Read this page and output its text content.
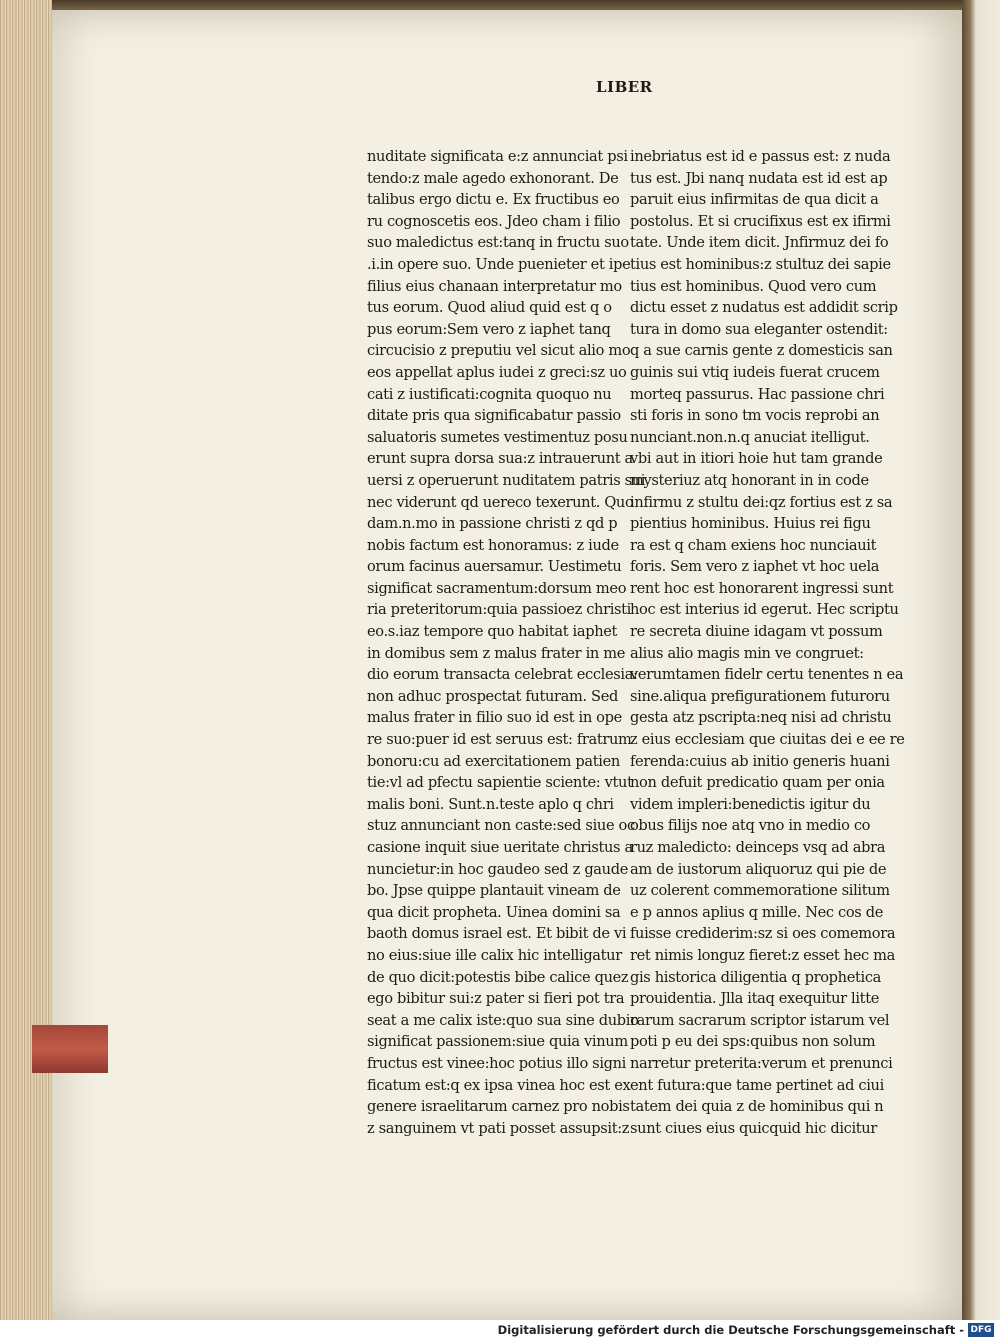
LIBER
nuditate significata e:z annunciat psi
tendo:z male agedo exhonorant. De
talibus ergo dictu e. Ex fructibus eo
ru cognoscetis eos. Jdeo cham i filio
suo maledictus est:tanq in fructu suo
.i.in opere suo. Unde puenieter et ipe
filius eius chanaan interpretatur mo
tus eorum. Quod aliud quid est q o
pus eorum:Sem vero z iaphet tanq
circucisio z preputiu vel sicut alio mo
eos appellat aplus iudei z greci:sz uo
cati z iustificati:cognita quoquo nu
ditate pris qua significabatur passio
saluatoris sumetes vestimentuz posu
erunt supra dorsa sua:z intrauerunt a
uersi z operuerunt nuditatem patris sui
nec viderunt qd uereco texerunt. Quo
dam.n.mo in passione christi z qd p
nobis factum est honoramus: z iude
orum facinus auersamur. Uestimetu
significat sacramentum:dorsum meo
ria preteritorum:quia passioez christi
eo.s.iaz tempore quo habitat iaphet
in domibus sem z malus frater in me
dio eorum transacta celebrat ecclesia:
non adhuc prospectat futuram. Sed
malus frater in filio suo id est in ope
re suo:puer id est seruus est: fratrum
bonoru:cu ad exercitationem patien
tie:vl ad pfectu sapientie sciente: vtut
malis boni. Sunt.n.teste aplo q chri
stuz annunciant non caste:sed siue oc
casione inquit siue ueritate christus a
nuncietur:in hoc gaudeo sed z gaude
bo. Jpse quippe plantauit vineam de
qua dicit propheta. Uinea domini sa
baoth domus israel est. Et bibit de vi
no eius:siue ille calix hic intelligatur
de quo dicit:potestis bibe calice quez
ego bibitur sui:z pater si fieri pot tra
seat a me calix iste:quo sua sine dubio
significat passionem:siue quia vinum
fructus est vinee:hoc potius illo signi
ficatum est:q ex ipsa vinea hoc est ex
genere israelitarum carnez pro nobis
z sanguinem vt pati posset assupsit:z
inebriatus est id e passus est: z nuda
tus est. Jbi nanq nudata est id est ap
paruit eius infirmitas de qua dicit a
postolus. Et si crucifixus est ex ifirmi
tate. Unde item dicit. Jnfirmuz dei fo
tius est hominibus:z stultuz dei sapie
tius est hominibus. Quod vero cum
dictu esset z nudatus est addidit scrip
tura in domo sua eleganter ostendit:
q a sue carnis gente z domesticis san
guinis sui vtiq iudeis fuerat crucem
morteq passurus. Hac passione chri
sti foris in sono tm vocis reprobi an
nunciant.non.n.q anuciat itelligut.
vbi aut in itiori hoie hut tam grande
mysteriuz atq honorant in in code
infirmu z stultu dei:qz fortius est z sa
pientius hominibus. Huius rei figu
ra est q cham exiens hoc nunciauit
foris. Sem vero z iaphet vt hoc uela
rent hoc est honorarent ingressi sunt
hoc est interius id egerut. Hec scriptu
re secreta diuine idagam vt possum
alius alio magis min ve congruet:
verumtamen fidelr certu tenentes n ea
sine.aliqua prefigurationem futuroru
gesta atz pscripta:neq nisi ad christu
z eius ecclesiam que ciuitas dei e ee re
ferenda:cuius ab initio generis huani
non defuit predicatio quam per onia
videm impleri:benedictis igitur du
obus filijs noe atq vno in medio co
ruz maledicto: deinceps vsq ad abra
am de iustorum aliquoruz qui pie de
uz colerent commemoratione silitum
e p annos aplius q mille. Nec cos de
fuisse crediderim:sz si oes comemora
ret nimis longuz fieret:z esset hec ma
gis historica diligentia q prophetica
prouidentia. Jlla itaq exequitur litte
rarum sacrarum scriptor istarum vel
poti p eu dei sps:quibus non solum
narretur preterita:verum et prenunci
ent futura:que tame pertinet ad ciui
tatem dei quia z de hominibus qui n
sunt ciues eius quicquid hic dicitur
Digitalisierung gefördert durch die Deutsche Forschungsgemeinschaft - DFG
